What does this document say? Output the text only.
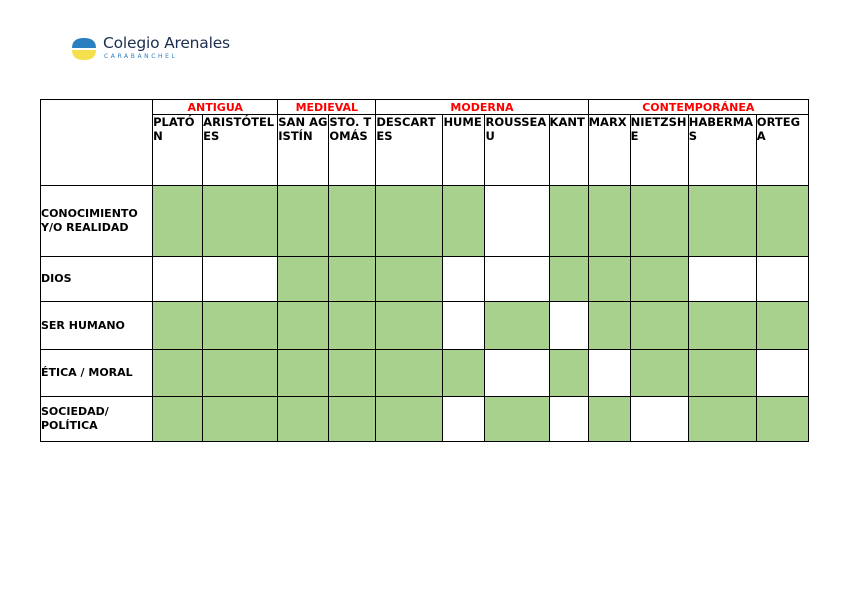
Colegio Arenales
CARABANCHEL
	ANTIGUA		MEDIEVAL		MODERNA				CONTEMPORÁNEA			
	PLATÓN	ARISTÓTELES	SAN AGISTÍN	STO. TOMÁS	DESCARTES	HUME	ROUSSEAU	KANT	MARX	NIETZSHE	HABERMAS	ORTEGA
CONOCIMIENTO Y/O REALIDAD												
DIOS												
SER HUMANO												
ÉTICA / MORAL												
SOCIEDAD/ POLÍTICA												
